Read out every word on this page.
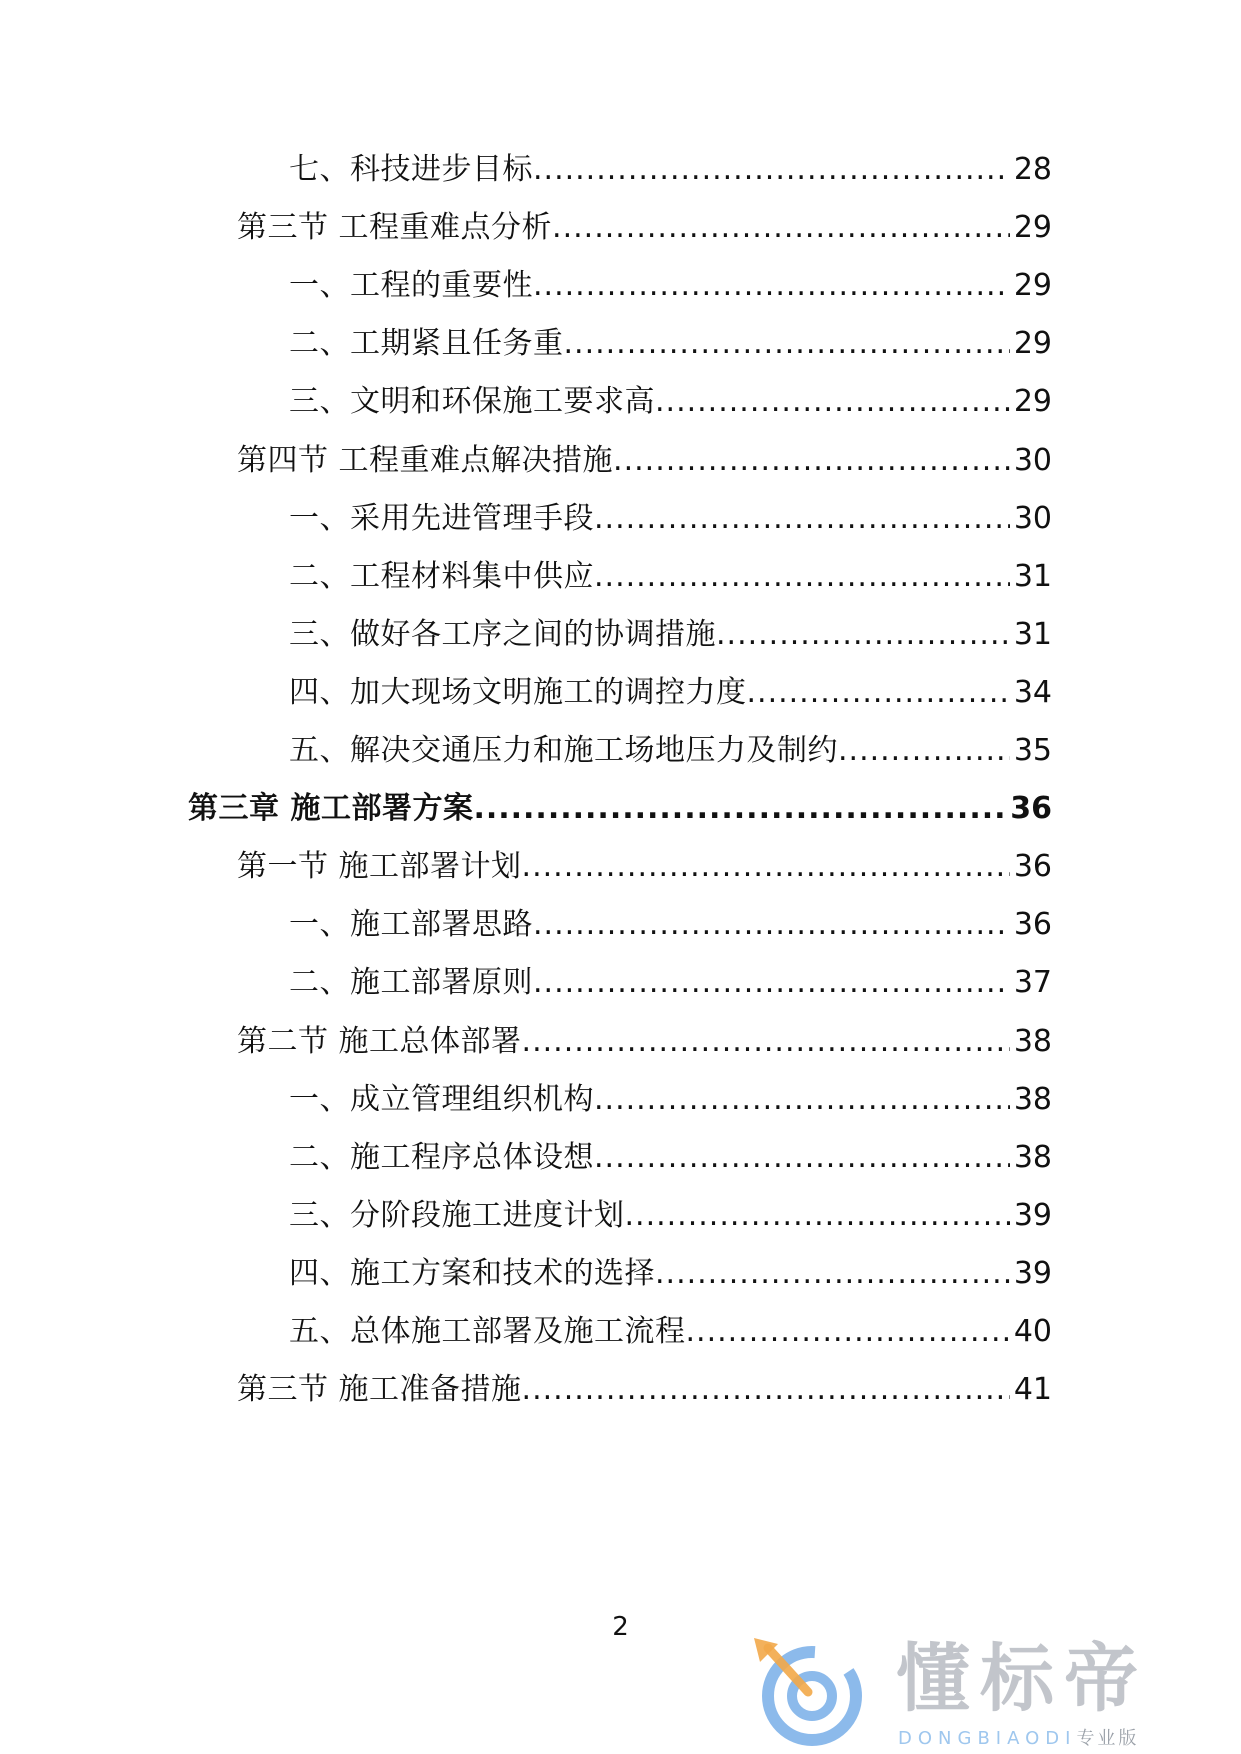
七、科技进步目标 .....	28
第三节 工程重难点分析 .....	29
一、工程的重要性 .....	29
二、工期紧且任务重 .....	29
三、文明和环保施工要求高 .....	29
第四节 工程重难点解决措施 .....	30
一、采用先进管理手段 .....	30
二、工程材料集中供应 .....	31
三、做好各工序之间的协调措施 .....	31
四、加大现场文明施工的调控力度 .....	34
五、解决交通压力和施工场地压力及制约 .....	35
第三章 施工部署方案 .....	36
第一节 施工部署计划 .....	36
一、施工部署思路 .....	36
二、施工部署原则 .....	37
第二节 施工总体部署 .....	38
一、成立管理组织机构 .....	38
二、施工程序总体设想 .....	38
三、分阶段施工进度计划 .....	39
四、施工方案和技术的选择 .....	39
五、总体施工部署及施工流程 .....	40
第三节 施工准备措施 .....	41
2
懂标帝
DONGBIAODI专业版
